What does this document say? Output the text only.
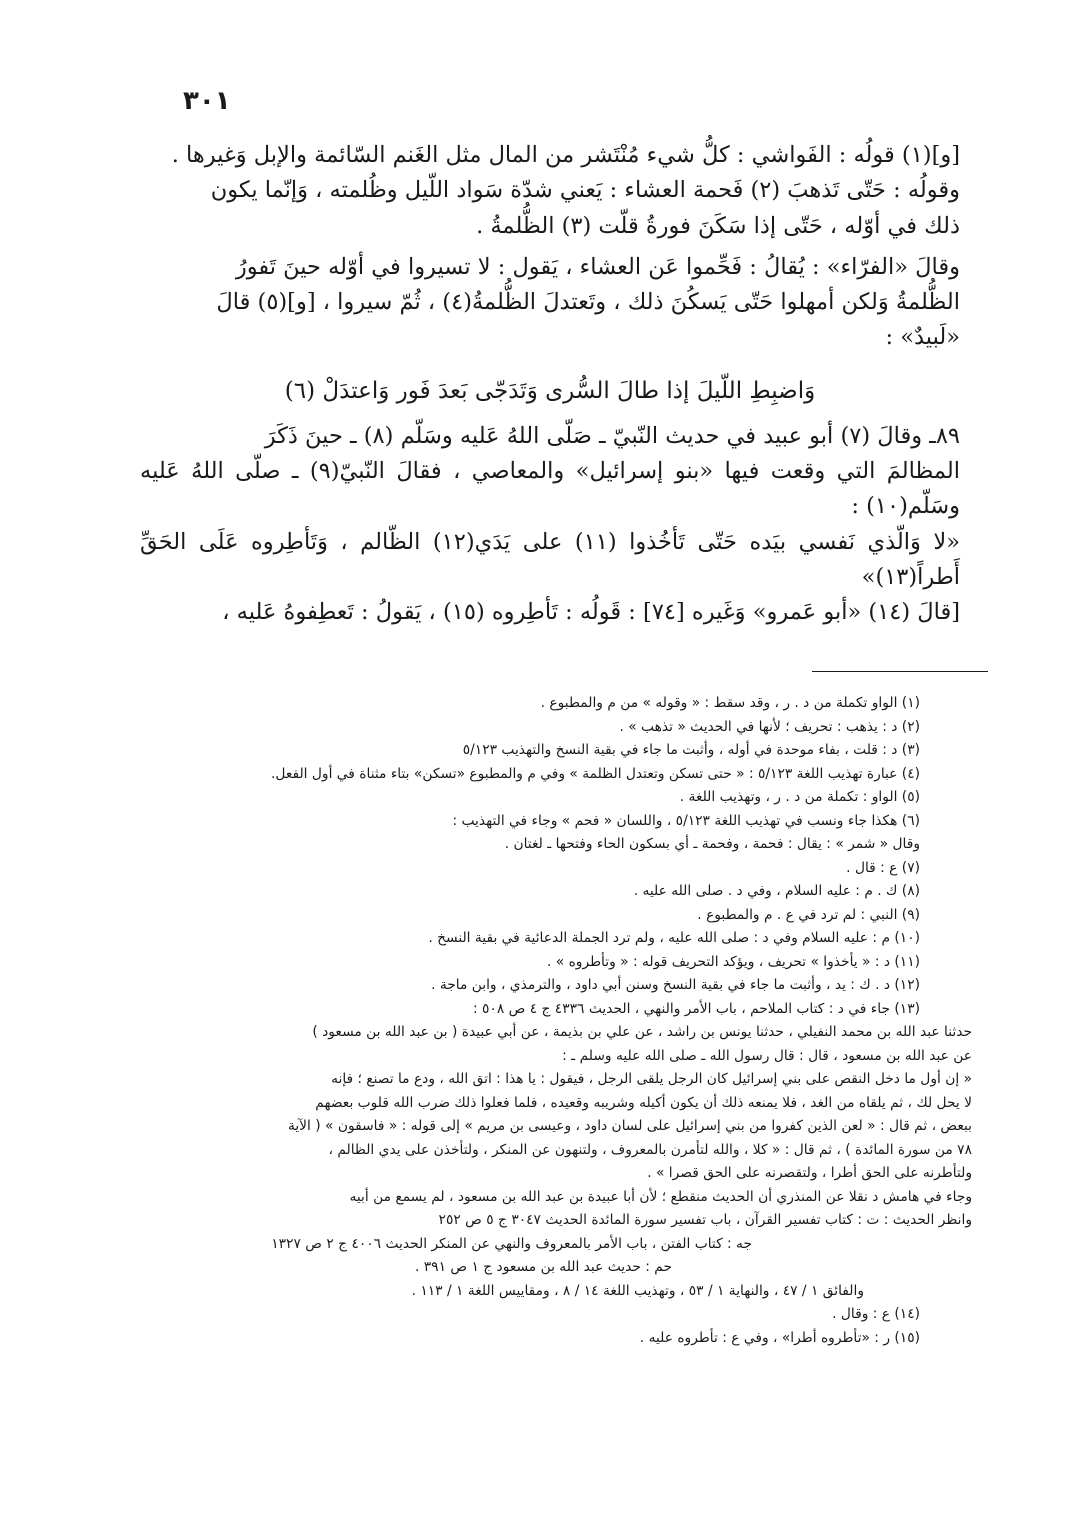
٣٠١

[و](١) قولُه : الفَواشي : كلُّ شيء مُنْتَشر من المال مثل الغَنم السّائمة والإبل وَغيرها .

وقولُه : حَتّى تَذهبَ (٢) فَحمة العشاء : يَعني شدّة سَواد اللّيل وظُلمته ، وَإنّما يكون

ذلك في أوّله ، حَتّى إذا سَكَنَ فورةُ قلّت (٣) الظُّلمةُ .

وقالَ «الفرّاء» : يُقالُ : فَحِّموا عَن العشاء ، يَقول : لا تسيروا في أوّله حينَ تَفورُ

الظُّلمةُ وَلكن أمهلوا حَتّى يَسكُنَ ذلك ، وتَعتدلَ الظُّلمةُ(٤) ، ثُمّ سيروا ، [و](٥) قالَ

«لَبيدٌ» :

وَاضبِطِ اللّيلَ إذا طالَ السُّرى وَتَدَجّى بَعدَ فَور وَاعتدَلْ (٦)

٨٩ـ وقالَ (٧) أبو عبيد في حديث النّبيّ ـ صَلّى اللهُ عَليه وسَلّم (٨) ـ حينَ ذَكَرَ

المظالمَ التي وقعت فيها «بنو إسرائيل» والمعاصي ، فقالَ النّبيّ(٩) ـ صلّى اللهُ عَليه وسَلّم(١٠) :

«لا وَالّذي نَفسي بيَده حَتّى تَأخُذوا (١١) على يَدَي(١٢) الظّالم ، وَتَأطِروه عَلَى الحَقِّ أَطراً(١٣)»

[قالَ (١٤) «أبو عَمرو» وَغَيره [٧٤] : قَولُه : تَأطِروه (١٥) ، يَقولُ : تَعطِفوهُ عَليه ،

(١) الواو تكملة من د . ر ، وقد سقط : « وقوله » من م والمطبوع .

(٢) د : يذهب : تحريف ؛ لأنها في الحديث « تذهب » .

(٣) د : قلت ، بفاء موحدة في أوله ، وأثبت ما جاء في بقية النسخ والتهذيب ٥/١٢٣

(٤) عبارة تهذيب اللغة ٥/١٢٣ : « حتى تسكن وتعتدل الظلمة » وفي م والمطبوع «تسكن» بتاء مثناة في أول الفعل.

(٥) الواو : تكملة من د . ر ، وتهذيب اللغة .

(٦) هكذا جاء ونسب في تهذيب اللغة ٥/١٢٣ ، واللسان « فحم » وجاء في التهذيب :

وقال « شمر » : يقال : فحمة ، وفحمة ـ أي بسكون الحاء وفتحها ـ لغتان .

(٧) ع : قال .

(٨) ك . م : عليه السلام ، وفي د . صلى الله عليه .

(٩) النبي : لم ترد في ع . م والمطبوع .

(١٠) م : عليه السلام وفي د : صلى الله عليه ، ولم ترد الجملة الدعائية في بقية النسخ .

(١١) د : « يأخذوا » تحريف ، ويؤكد التحريف قوله : « وتأطروه » .

(١٢) د . ك : يد ، وأثبت ما جاء في بقية النسخ وسنن أبي داود ، والترمذي ، وابن ماجة .

(١٣) جاء في د : كتاب الملاحم ، باب الأمر والنهي ، الحديث ٤٣٣٦ ج ٤ ص ٥٠٨ :

حدثنا عبد الله بن محمد النفيلي ، حدثنا يونس بن راشد ، عن علي بن بذيمة ، عن أبي عبيدة ( بن عبد الله بن مسعود )

عن عبد الله بن مسعود ، قال : قال رسول الله ـ صلى الله عليه وسلم ـ :

« إن أول ما دخل النقص على بني إسرائيل كان الرجل يلقى الرجل ، فيقول : يا هذا : اتق الله ، ودع ما تصنع ؛ فإنه

لا يحل لك ، ثم يلقاه من الغد ، فلا يمنعه ذلك أن يكون أكيله وشريبه وقعيده ، فلما فعلوا ذلك ضرب الله قلوب بعضهم

ببعض ، ثم قال : « لعن الذين كفروا من بني إسرائيل على لسان داود ، وعيسى بن مريم » إلى قوله : « فاسقون » ( الآية

٧٨ من سورة المائدة ) ، ثم قال : « كلا ، والله لتأمرن بالمعروف ، ولتنهون عن المنكر ، ولتأخذن على يدي الظالم ،

ولتأطرنه على الحق أطرا ، ولتقصرنه على الحق قصرا » .

وجاء في هامش د نقلا عن المنذري أن الحديث منقطع ؛ لأن أبا عبيدة بن عبد الله بن مسعود ، لم يسمع من أبيه

وانظر الحديث : ت : كتاب تفسير القرآن ، باب تفسير سورة المائدة الحديث ٣٠٤٧ ج ٥ ص ٢٥٢

جه : كتاب الفتن ، باب الأمر بالمعروف والنهي عن المنكر الحديث ٤٠٠٦ ج ٢ ص ١٣٢٧

حم : حديث عبد الله بن مسعود ج ١ ص ٣٩١ .

والفائق ١ / ٤٧ ، والنهاية ١ / ٥٣ ، وتهذيب اللغة ١٤ / ٨ ، ومقاييس اللغة ١ / ١١٣ .

(١٤) ع : وقال .

(١٥) ر : «تأطروه أطرا» ، وفي ع : تأطروه عليه .
